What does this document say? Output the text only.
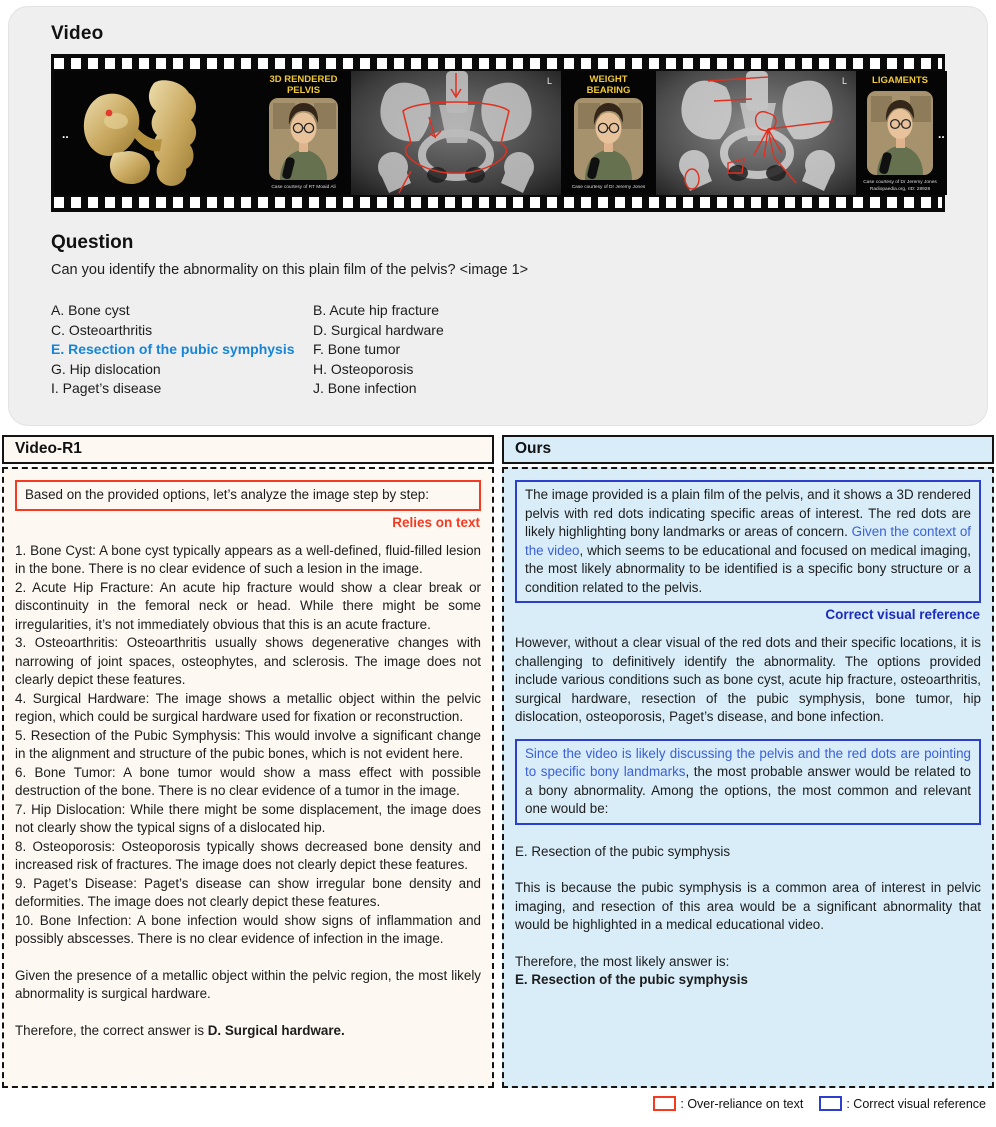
Video
..
3D RENDERED
PELVIS
Case courtesy of RT Moaid Ali
L	WEIGHT
BEARING
Case courtesy of Dr Jeremy Jones
L	LIGAMENTS
Case courtesy of Dr Jeremy Jones
Radiopaedia.org, rID: 28928
..
Question

Can you identify the abnormality on this plain film of the pelvis? <image 1>

A. Bone cyst	B. Acute hip fracture
C. Osteoarthritis	D. Surgical hardware
E. Resection of the pubic symphysis	F. Bone tumor
G. Hip dislocation	H. Osteoporosis
I. Paget’s disease	J. Bone infection
Video-R1
Based on the provided options, let’s analyze the image step by step:
Relies on text

1. Bone Cyst: A bone cyst typically appears as a well-defined, fluid-filled lesion in the bone. There is no clear evidence of such a lesion in the image.

2. Acute Hip Fracture: An acute hip fracture would show a clear break or discontinuity in the femoral neck or head. While there might be some irregularities, it’s not immediately obvious that this is an acute fracture.

3. Osteoarthritis: Osteoarthritis usually shows degenerative changes with narrowing of joint spaces, osteophytes, and sclerosis. The image does not clearly depict these features.

4. Surgical Hardware: The image shows a metallic object within the pelvic region, which could be surgical hardware used for fixation or reconstruction.

5. Resection of the Pubic Symphysis: This would involve a significant change in the alignment and structure of the pubic bones, which is not evident here.

6. Bone Tumor: A bone tumor would show a mass effect with possible destruction of the bone. There is no clear evidence of a tumor in the image.

7. Hip Dislocation: While there might be some displacement, the image does not clearly show the typical signs of a dislocated hip.

8. Osteoporosis: Osteoporosis typically shows decreased bone density and increased risk of fractures. The image does not clearly depict these features.

9. Paget’s Disease: Paget’s disease can show irregular bone density and deformities. The image does not clearly depict these features.

10. Bone Infection: A bone infection would show signs of inflammation and possibly abscesses. There is no clear evidence of infection in the image.

Given the presence of a metallic object within the pelvic region, the most likely abnormality is surgical hardware.

Therefore, the correct answer is D. Surgical hardware.

Ours
The image provided is a plain film of the pelvis, and it shows a 3D rendered pelvis with red dots indicating specific areas of interest. The red dots are likely highlighting bony landmarks or areas of concern. Given the context of the video, which seems to be educational and focused on medical imaging, the most likely abnormality to be identified is a specific bony structure or a condition related to the pelvis.
Correct visual reference

However, without a clear visual of the red dots and their specific locations, it is challenging to definitively identify the abnormality. The options provided include various conditions such as bone cyst, acute hip fracture, osteoarthritis, surgical hardware, resection of the pubic symphysis, bone tumor, hip dislocation, osteoporosis, Paget’s disease, and bone infection.

Since the video is likely discussing the pelvis and the red dots are pointing to specific bony landmarks, the most probable answer would be related to a bony abnormality. Among the options, the most common and relevant one would be:

E. Resection of the pubic symphysis

This is because the pubic symphysis is a common area of interest in pelvic imaging, and resection of this area would be a significant abnormality that would be highlighted in a medical educational video.

Therefore, the most likely answer is:

E. Resection of the pubic symphysis

: Over-reliance on text	: Correct visual reference
